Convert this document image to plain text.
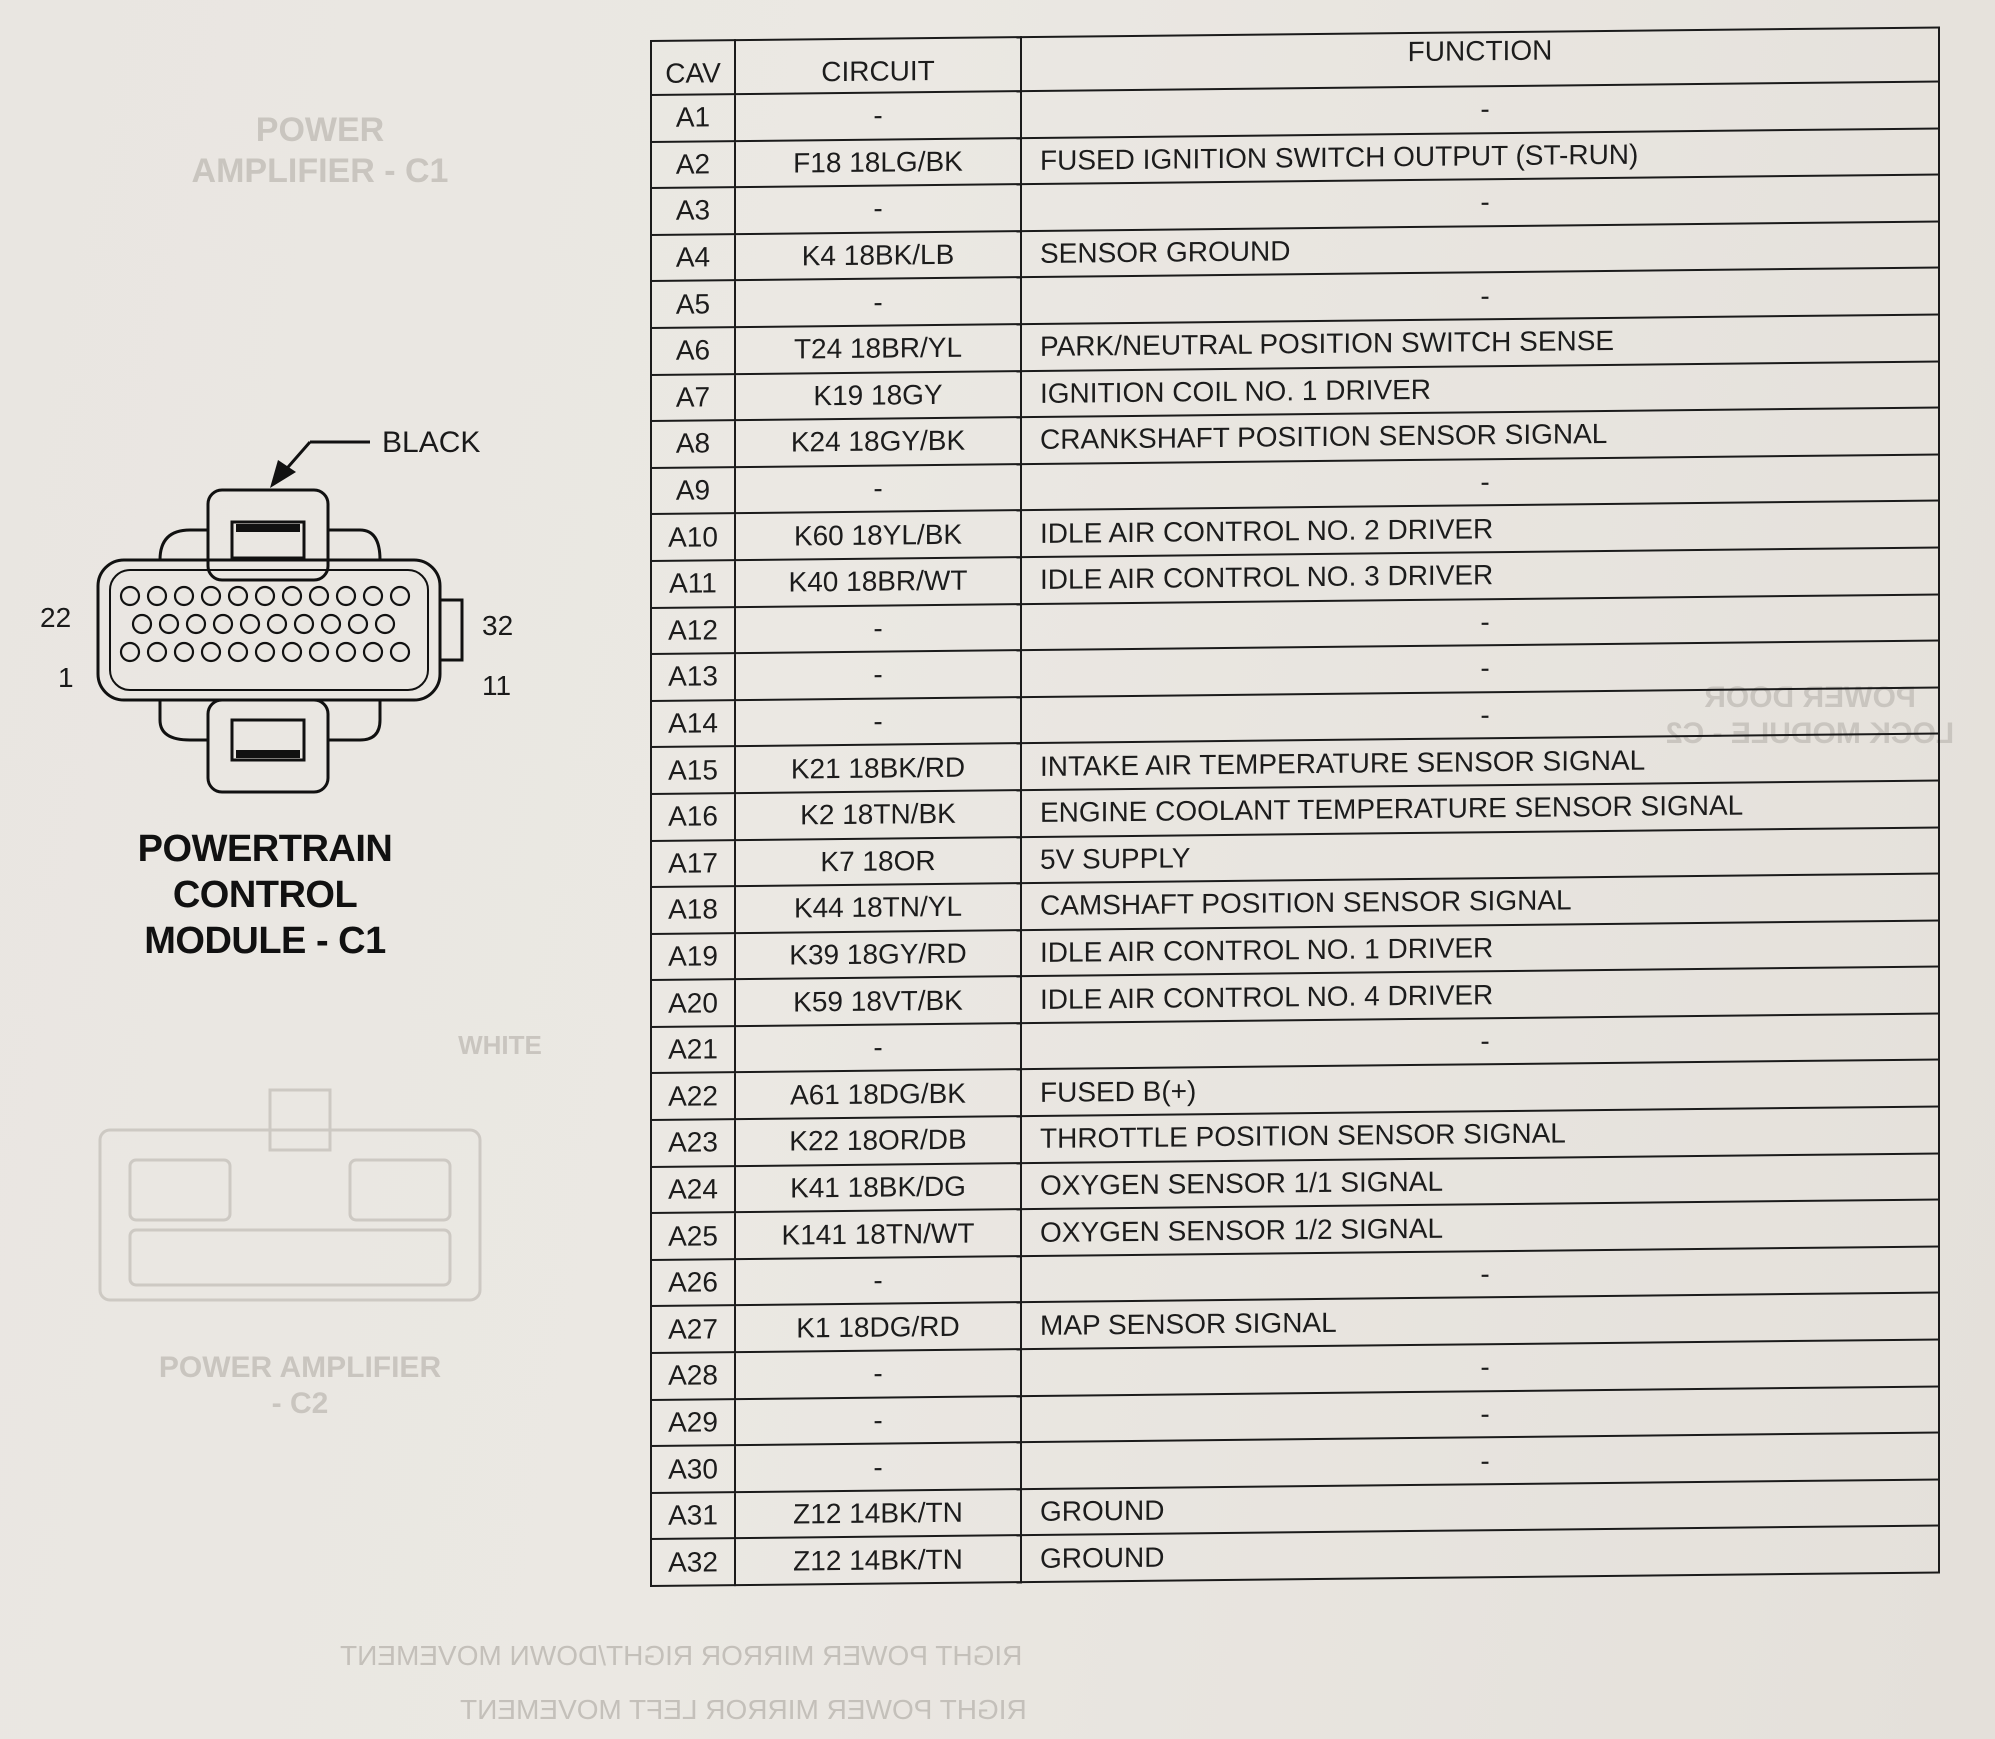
POWER AMPLIFIER - C1
POWER DOOR LOCK MODULE - C2
WHITE
POWER AMPLIFIER - C2
RIGHT POWER MIRROR RIGHT/DOWN MOVEMENT
RIGHT POWER MIRROR LEFT MOVEMENT
BLACK
22
1
32
11
POWERTRAIN
CONTROL
MODULE - C1
CAV	CIRCUIT	FUNCTION
A1	-	-
A2	F18 18LG/BK	FUSED IGNITION SWITCH OUTPUT (ST-RUN)
A3	-	-
A4	K4 18BK/LB	SENSOR GROUND
A5	-	-
A6	T24 18BR/YL	PARK/NEUTRAL POSITION SWITCH SENSE
A7	K19 18GY	IGNITION COIL NO. 1 DRIVER
A8	K24 18GY/BK	CRANKSHAFT POSITION SENSOR SIGNAL
A9	-	-
A10	K60 18YL/BK	IDLE AIR CONTROL NO. 2 DRIVER
A11	K40 18BR/WT	IDLE AIR CONTROL NO. 3 DRIVER
A12	-	-
A13	-	-
A14	-	-
A15	K21 18BK/RD	INTAKE AIR TEMPERATURE SENSOR SIGNAL
A16	K2 18TN/BK	ENGINE COOLANT TEMPERATURE SENSOR SIGNAL
A17	K7 18OR	5V SUPPLY
A18	K44 18TN/YL	CAMSHAFT POSITION SENSOR SIGNAL
A19	K39 18GY/RD	IDLE AIR CONTROL NO. 1 DRIVER
A20	K59 18VT/BK	IDLE AIR CONTROL NO. 4 DRIVER
A21	-	-
A22	A61 18DG/BK	FUSED B(+)
A23	K22 18OR/DB	THROTTLE POSITION SENSOR SIGNAL
A24	K41 18BK/DG	OXYGEN SENSOR 1/1 SIGNAL
A25	K141 18TN/WT	OXYGEN SENSOR 1/2 SIGNAL
A26	-	-
A27	K1 18DG/RD	MAP SENSOR SIGNAL
A28	-	-
A29	-	-
A30	-	-
A31	Z12 14BK/TN	GROUND
A32	Z12 14BK/TN	GROUND
